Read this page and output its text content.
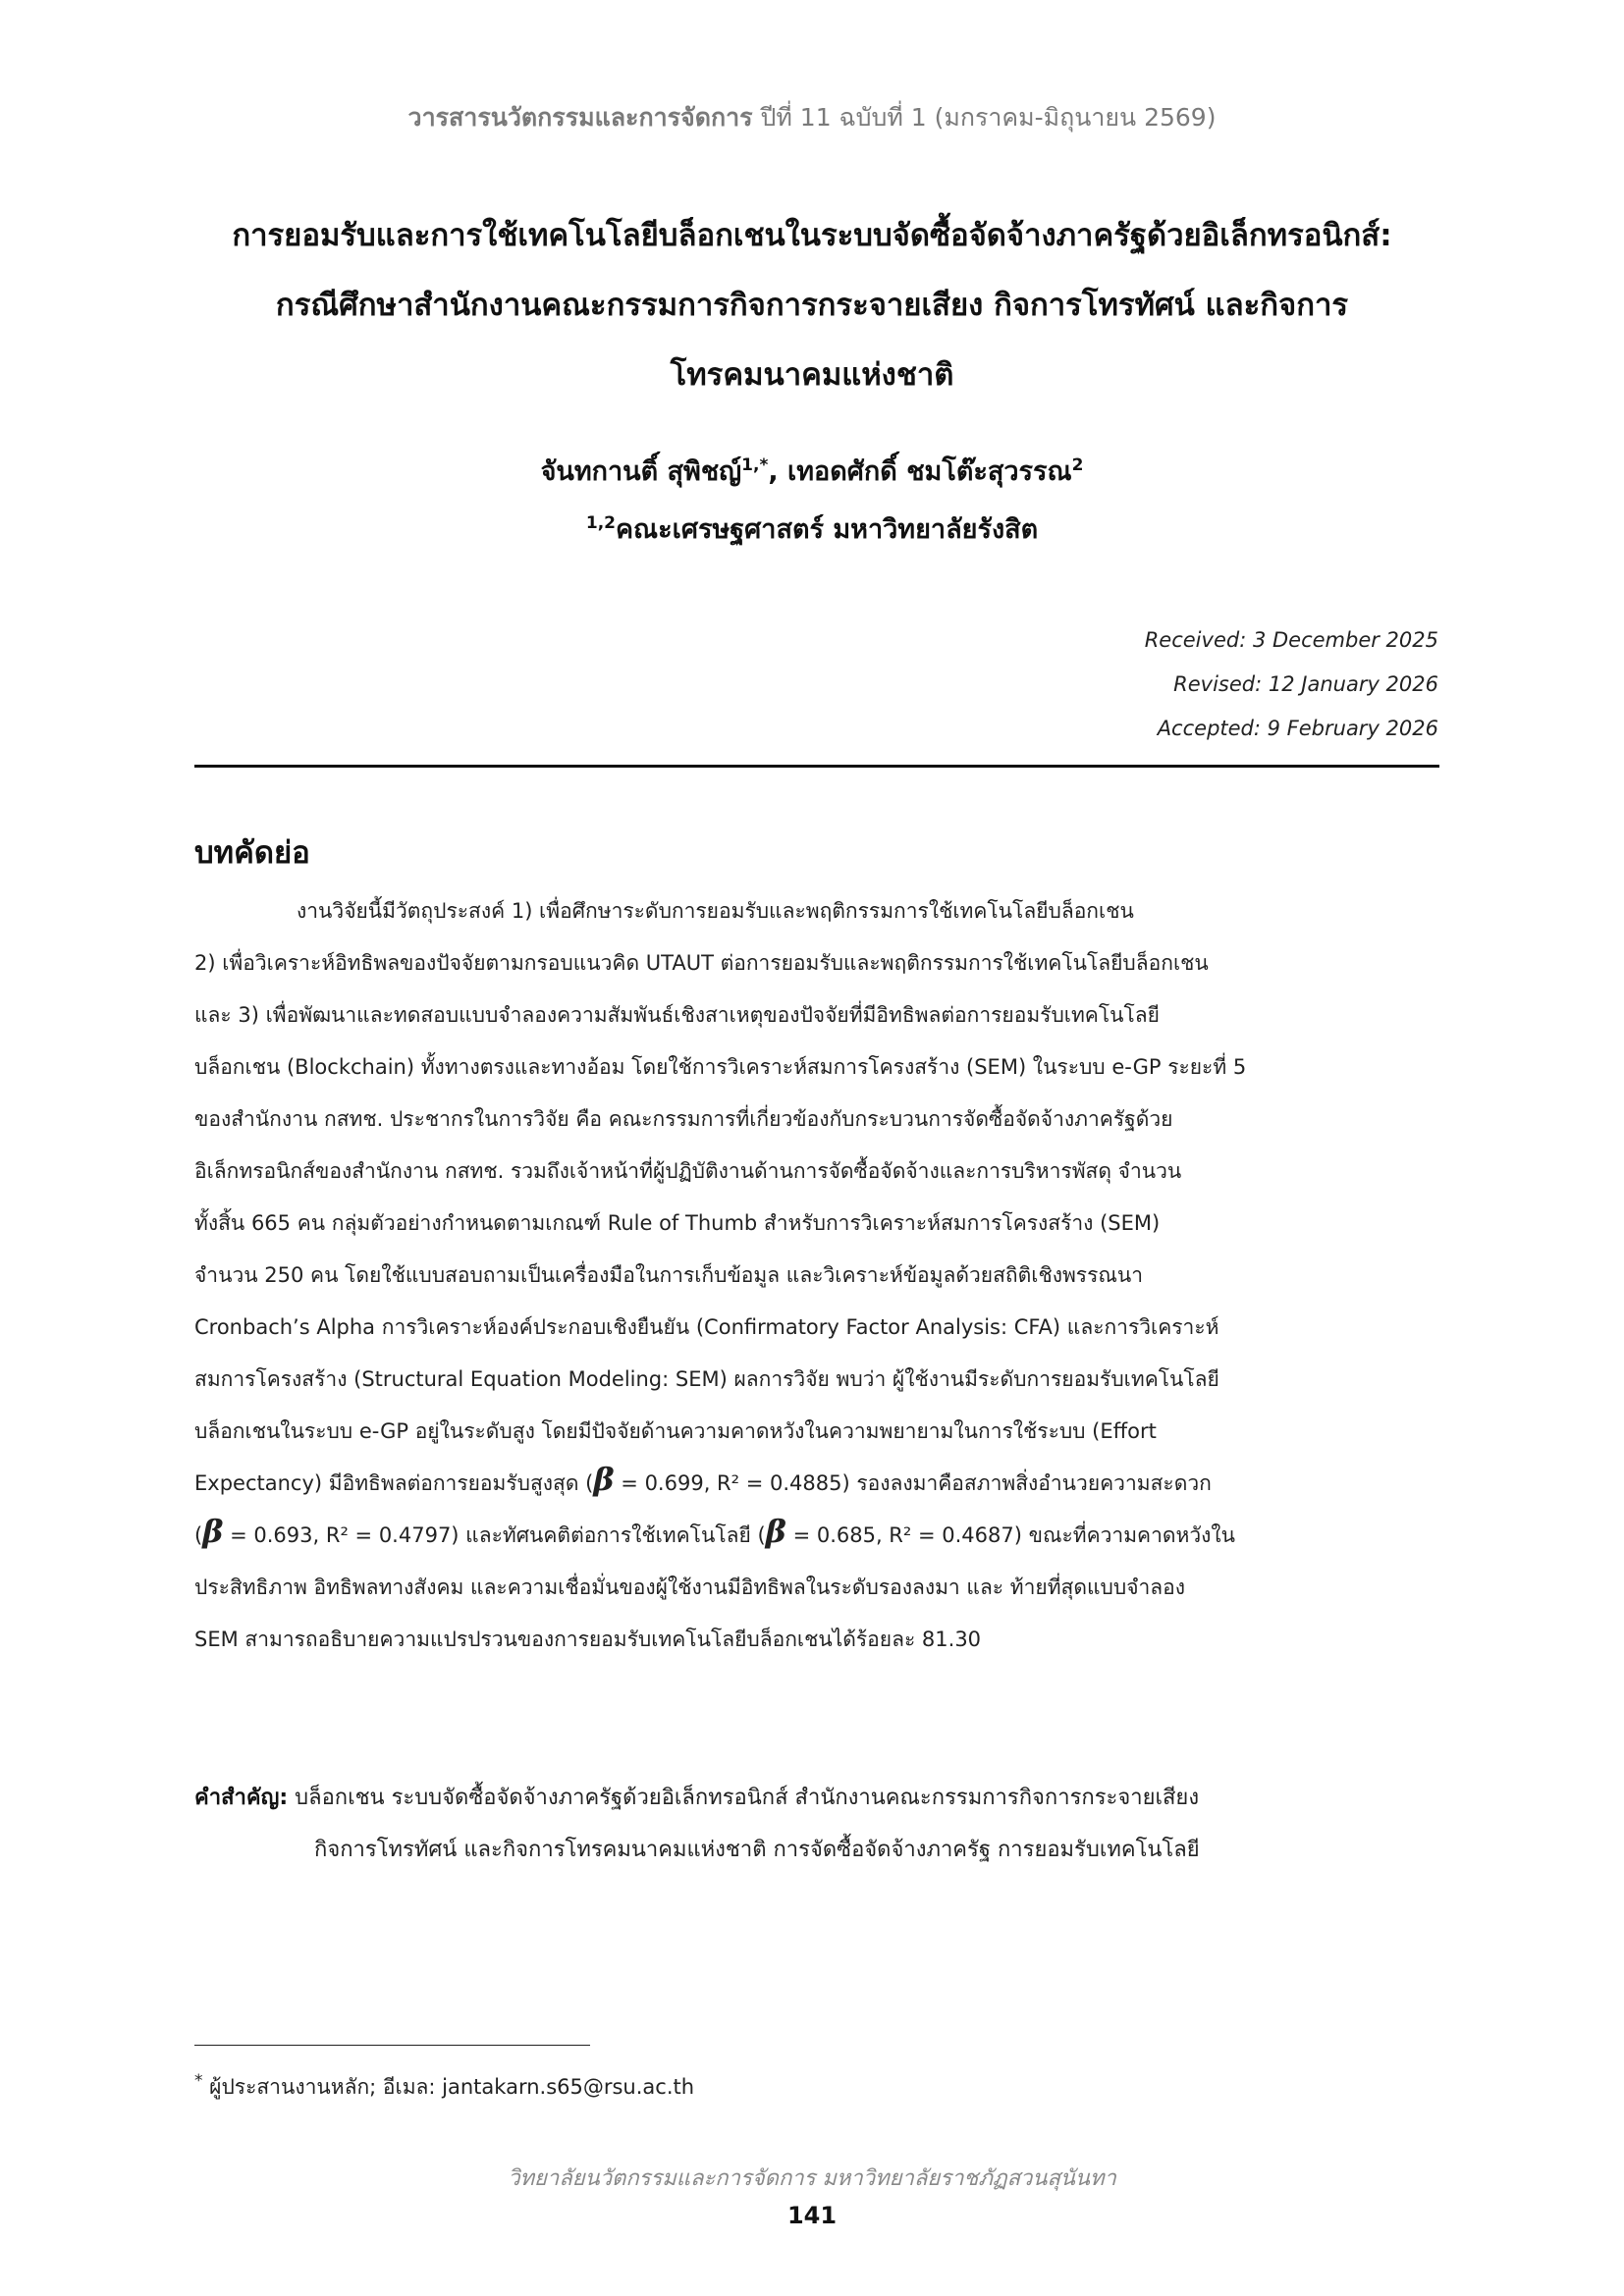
วารสารนวัตกรรมและการจัดการ ปีที่ 11 ฉบับที่ 1 (มกราคม-มิถุนายน 2569)
การยอมรับและการใช้เทคโนโลยีบล็อกเชนในระบบจัดซื้อจัดจ้างภาครัฐด้วยอิเล็กทรอนิกส์:
กรณีศึกษาสำนักงานคณะกรรมการกิจการกระจายเสียง กิจการโทรทัศน์ และกิจการ
โทรคมนาคมแห่งชาติ
จันทกานติ์ สุพิชญ์$^{1,*}$, เทอดศักดิ์ ชมโต๊ะสุวรรณ$^2$
$^{1,2}$คณะเศรษฐศาสตร์ มหาวิทยาลัยรังสิต
Received: 3 December 2025
Revised: 12 January 2026
Accepted: 9 February 2026
บทคัดย่อ
งานวิจัยนี้มีวัตถุประสงค์ 1) เพื่อศึกษาระดับการยอมรับและพฤติกรรมการใช้เทคโนโลยีบล็อกเชน
2) เพื่อวิเคราะห์อิทธิพลของปัจจัยตามกรอบแนวคิด UTAUT ต่อการยอมรับและพฤติกรรมการใช้เทคโนโลยีบล็อกเชน
และ 3) เพื่อพัฒนาและทดสอบแบบจำลองความสัมพันธ์เชิงสาเหตุของปัจจัยที่มีอิทธิพลต่อการยอมรับเทคโนโลยี
บล็อกเชน (Blockchain) ทั้งทางตรงและทางอ้อม โดยใช้การวิเคราะห์สมการโครงสร้าง (SEM) ในระบบ e-GP ระยะที่ 5
ของสำนักงาน กสทช. ประชากรในการวิจัย คือ คณะกรรมการที่เกี่ยวข้องกับกระบวนการจัดซื้อจัดจ้างภาครัฐด้วย
อิเล็กทรอนิกส์ของสำนักงาน กสทช. รวมถึงเจ้าหน้าที่ผู้ปฏิบัติงานด้านการจัดซื้อจัดจ้างและการบริหารพัสดุ จำนวน
ทั้งสิ้น 665 คน กลุ่มตัวอย่างกำหนดตามเกณฑ์ Rule of Thumb สำหรับการวิเคราะห์สมการโครงสร้าง (SEM)
จำนวน 250 คน โดยใช้แบบสอบถามเป็นเครื่องมือในการเก็บข้อมูล และวิเคราะห์ข้อมูลด้วยสถิติเชิงพรรณนา
Cronbach’s Alpha การวิเคราะห์องค์ประกอบเชิงยืนยัน (Confirmatory Factor Analysis: CFA) และการวิเคราะห์
สมการโครงสร้าง (Structural Equation Modeling: SEM) ผลการวิจัย พบว่า ผู้ใช้งานมีระดับการยอมรับเทคโนโลยี
บล็อกเชนในระบบ e-GP อยู่ในระดับสูง โดยมีปัจจัยด้านความคาดหวังในความพยายามในการใช้ระบบ (Effort
Expectancy) มีอิทธิพลต่อการยอมรับสูงสุด (β = 0.699, R² = 0.4885) รองลงมาคือสภาพสิ่งอำนวยความสะดวก
(β = 0.693, R² = 0.4797) และทัศนคติต่อการใช้เทคโนโลยี (β = 0.685, R² = 0.4687) ขณะที่ความคาดหวังใน
ประสิทธิภาพ อิทธิพลทางสังคม และความเชื่อมั่นของผู้ใช้งานมีอิทธิพลในระดับรองลงมา และ ท้ายที่สุดแบบจำลอง
SEM สามารถอธิบายความแปรปรวนของการยอมรับเทคโนโลยีบล็อกเชนได้ร้อยละ 81.30
คำสำคัญ: บล็อกเชน ระบบจัดซื้อจัดจ้างภาครัฐด้วยอิเล็กทรอนิกส์ สำนักงานคณะกรรมการกิจการกระจายเสียง
กิจการโทรทัศน์ และกิจการโทรคมนาคมแห่งชาติ การจัดซื้อจัดจ้างภาครัฐ การยอมรับเทคโนโลยี
* ผู้ประสานงานหลัก; อีเมล: jantakarn.s65@rsu.ac.th
วิทยาลัยนวัตกรรมและการจัดการ มหาวิทยาลัยราชภัฏสวนสุนันทา
141
